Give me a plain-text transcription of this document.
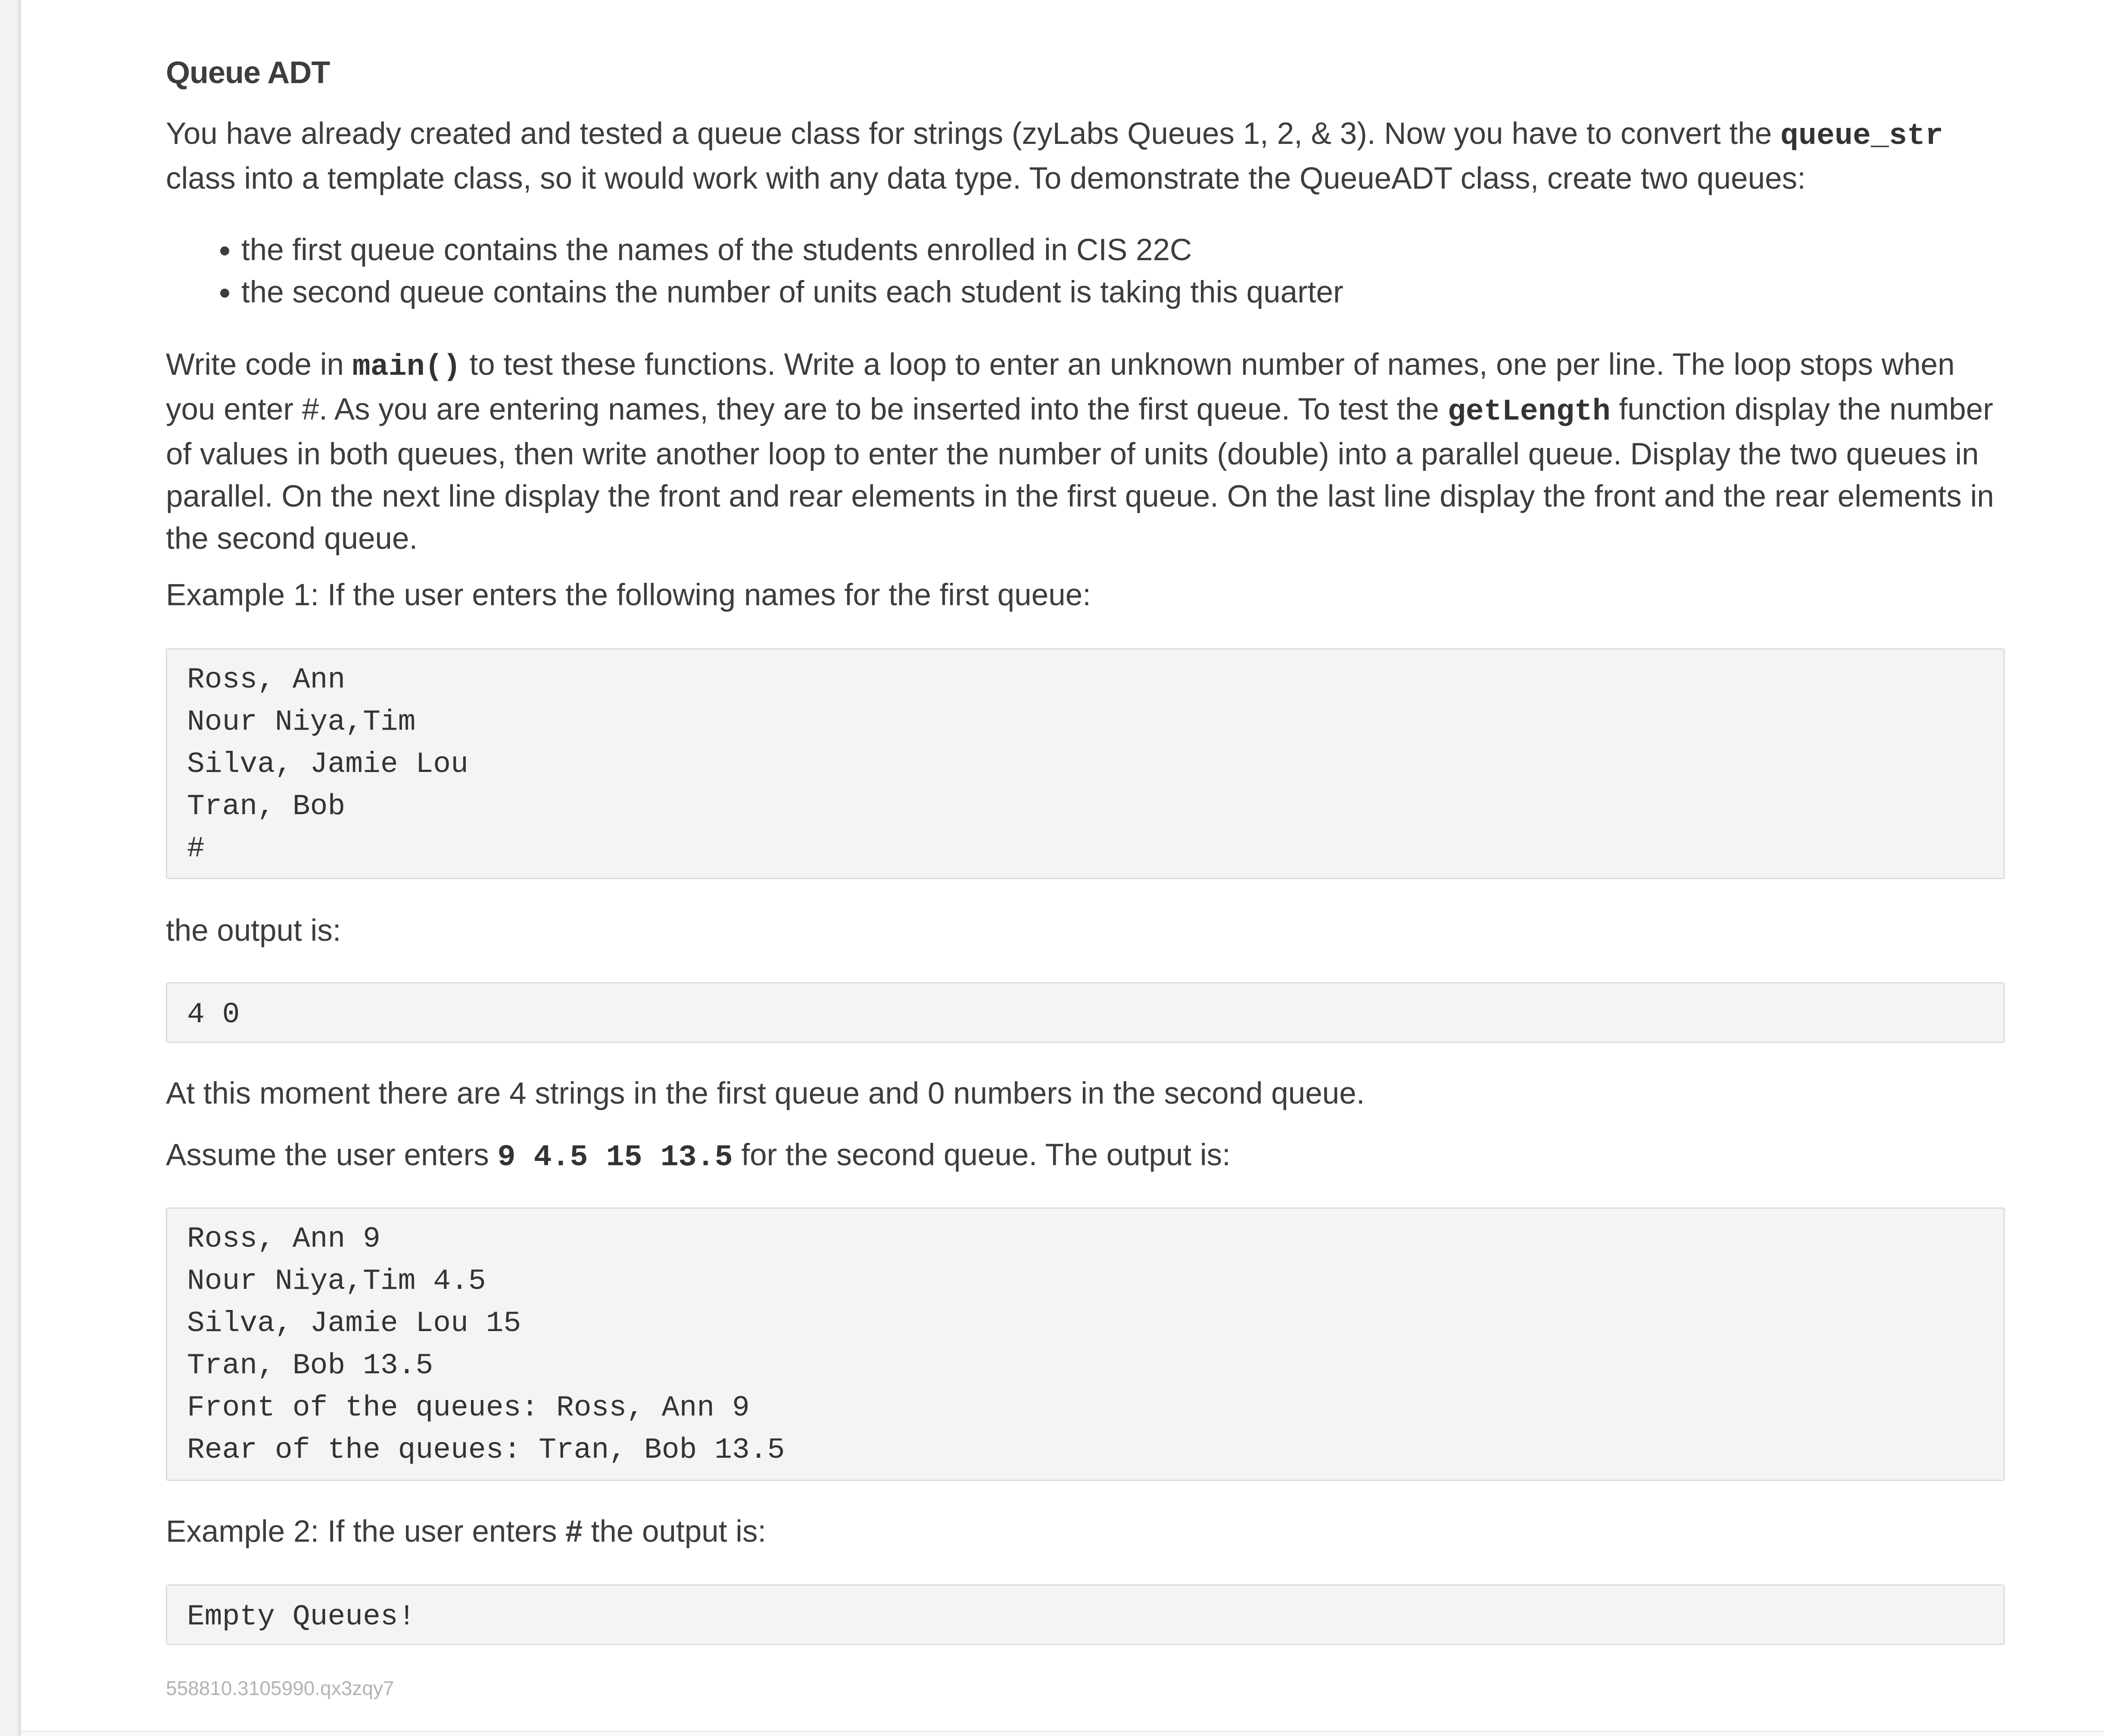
Queue ADT

You have already created and tested a queue class for strings (zyLabs Queues 1, 2, & 3). Now you have to convert the queue_str class into a template class, so it would work with any data type. To demonstrate the QueueADT class, create two queues:

• the first queue contains the names of the students enrolled in CIS 22C
• the second queue contains the number of units each student is taking this quarter

Write code in main() to test these functions. Write a loop to enter an unknown number of names, one per line. The loop stops when you enter #. As you are entering names, they are to be inserted into the first queue. To test the getLength function display the number of values in both queues, then write another loop to enter the number of units (double) into a parallel queue. Display the two queues in parallel. On the next line display the front and rear elements in the first queue. On the last line display the front and the rear elements in the second queue.

Example 1: If the user enters the following names for the first queue:

Ross, Ann
Nour Niya,Tim
Silva, Jamie Lou
Tran, Bob
#

the output is:

4 0

At this moment there are 4 strings in the first queue and 0 numbers in the second queue.

Assume the user enters 9 4.5 15 13.5 for the second queue. The output is:

Ross, Ann 9
Nour Niya,Tim 4.5
Silva, Jamie Lou 15
Tran, Bob 13.5
Front of the queues: Ross, Ann 9
Rear of the queues: Tran, Bob 13.5

Example 2: If the user enters # the output is:

Empty Queues!
558810.3105990.qx3zqy7
